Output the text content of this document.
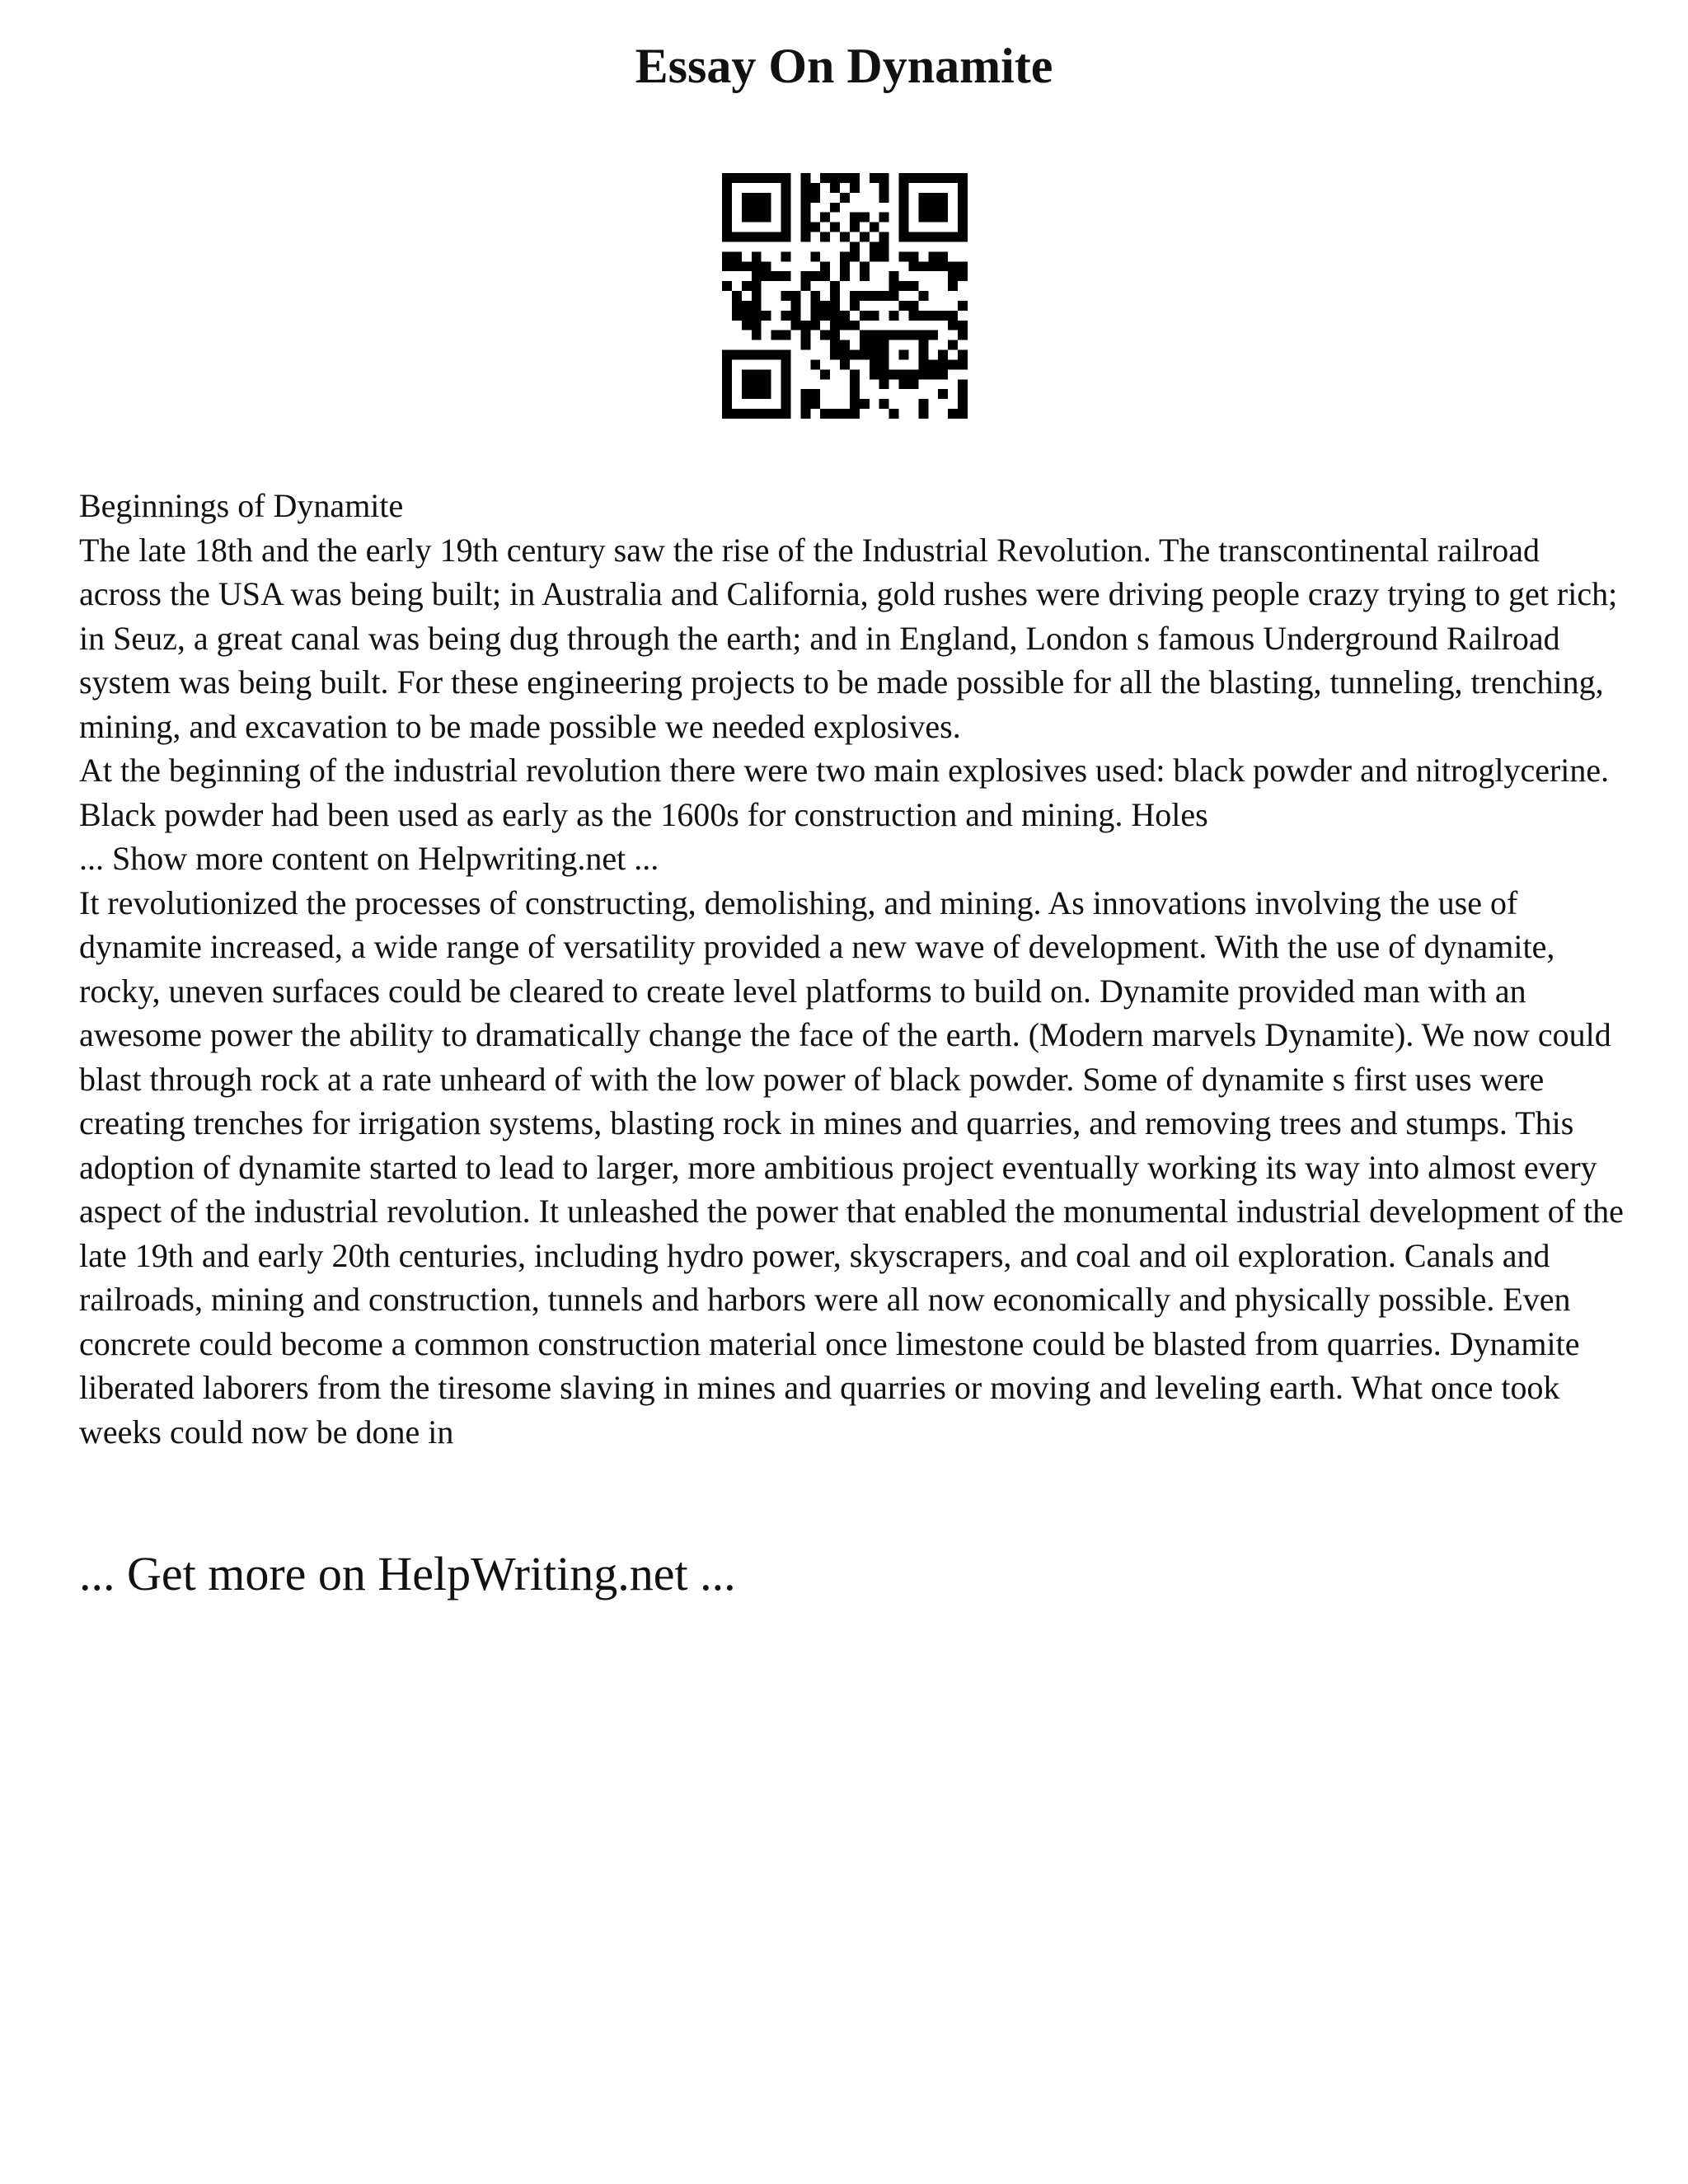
Essay On Dynamite

Beginnings of Dynamite

The late 18th and the early 19th century saw the rise of the Industrial Revolution. The transcontinental railroad across the USA was being built; in Australia and California, gold rushes were driving people crazy trying to get rich; in Seuz, a great canal was being dug through the earth; and in England, London s famous Underground Railroad system was being built. For these engineering projects to be made possible for all the blasting, tunneling, trenching, mining, and excavation to be made possible we needed explosives.

At the beginning of the industrial revolution there were two main explosives used: black powder and nitroglycerine. Black powder had been used as early as the 1600s for construction and mining. Holes

... Show more content on Helpwriting.net ...

It revolutionized the processes of constructing, demolishing, and mining. As innovations involving the use of dynamite increased, a wide range of versatility provided a new wave of development. With the use of dynamite, rocky, uneven surfaces could be cleared to create level platforms to build on. Dynamite provided man with an awesome power the ability to dramatically change the face of the earth. (Modern marvels Dynamite). We now could blast through rock at a rate unheard of with the low power of black powder. Some of dynamite s first uses were creating trenches for irrigation systems, blasting rock in mines and quarries, and removing trees and stumps. This adoption of dynamite started to lead to larger, more ambitious project eventually working its way into almost every aspect of the industrial revolution. It unleashed the power that enabled the monumental industrial development of the late 19th and early 20th centuries, including hydro power, skyscrapers, and coal and oil exploration. Canals and railroads, mining and construction, tunnels and harbors were all now economically and physically possible. Even concrete could become a common construction material once limestone could be blasted from quarries. Dynamite liberated laborers from the tiresome slaving in mines and quarries or moving and leveling earth. What once took weeks could now be done in

... Get more on HelpWriting.net ...
